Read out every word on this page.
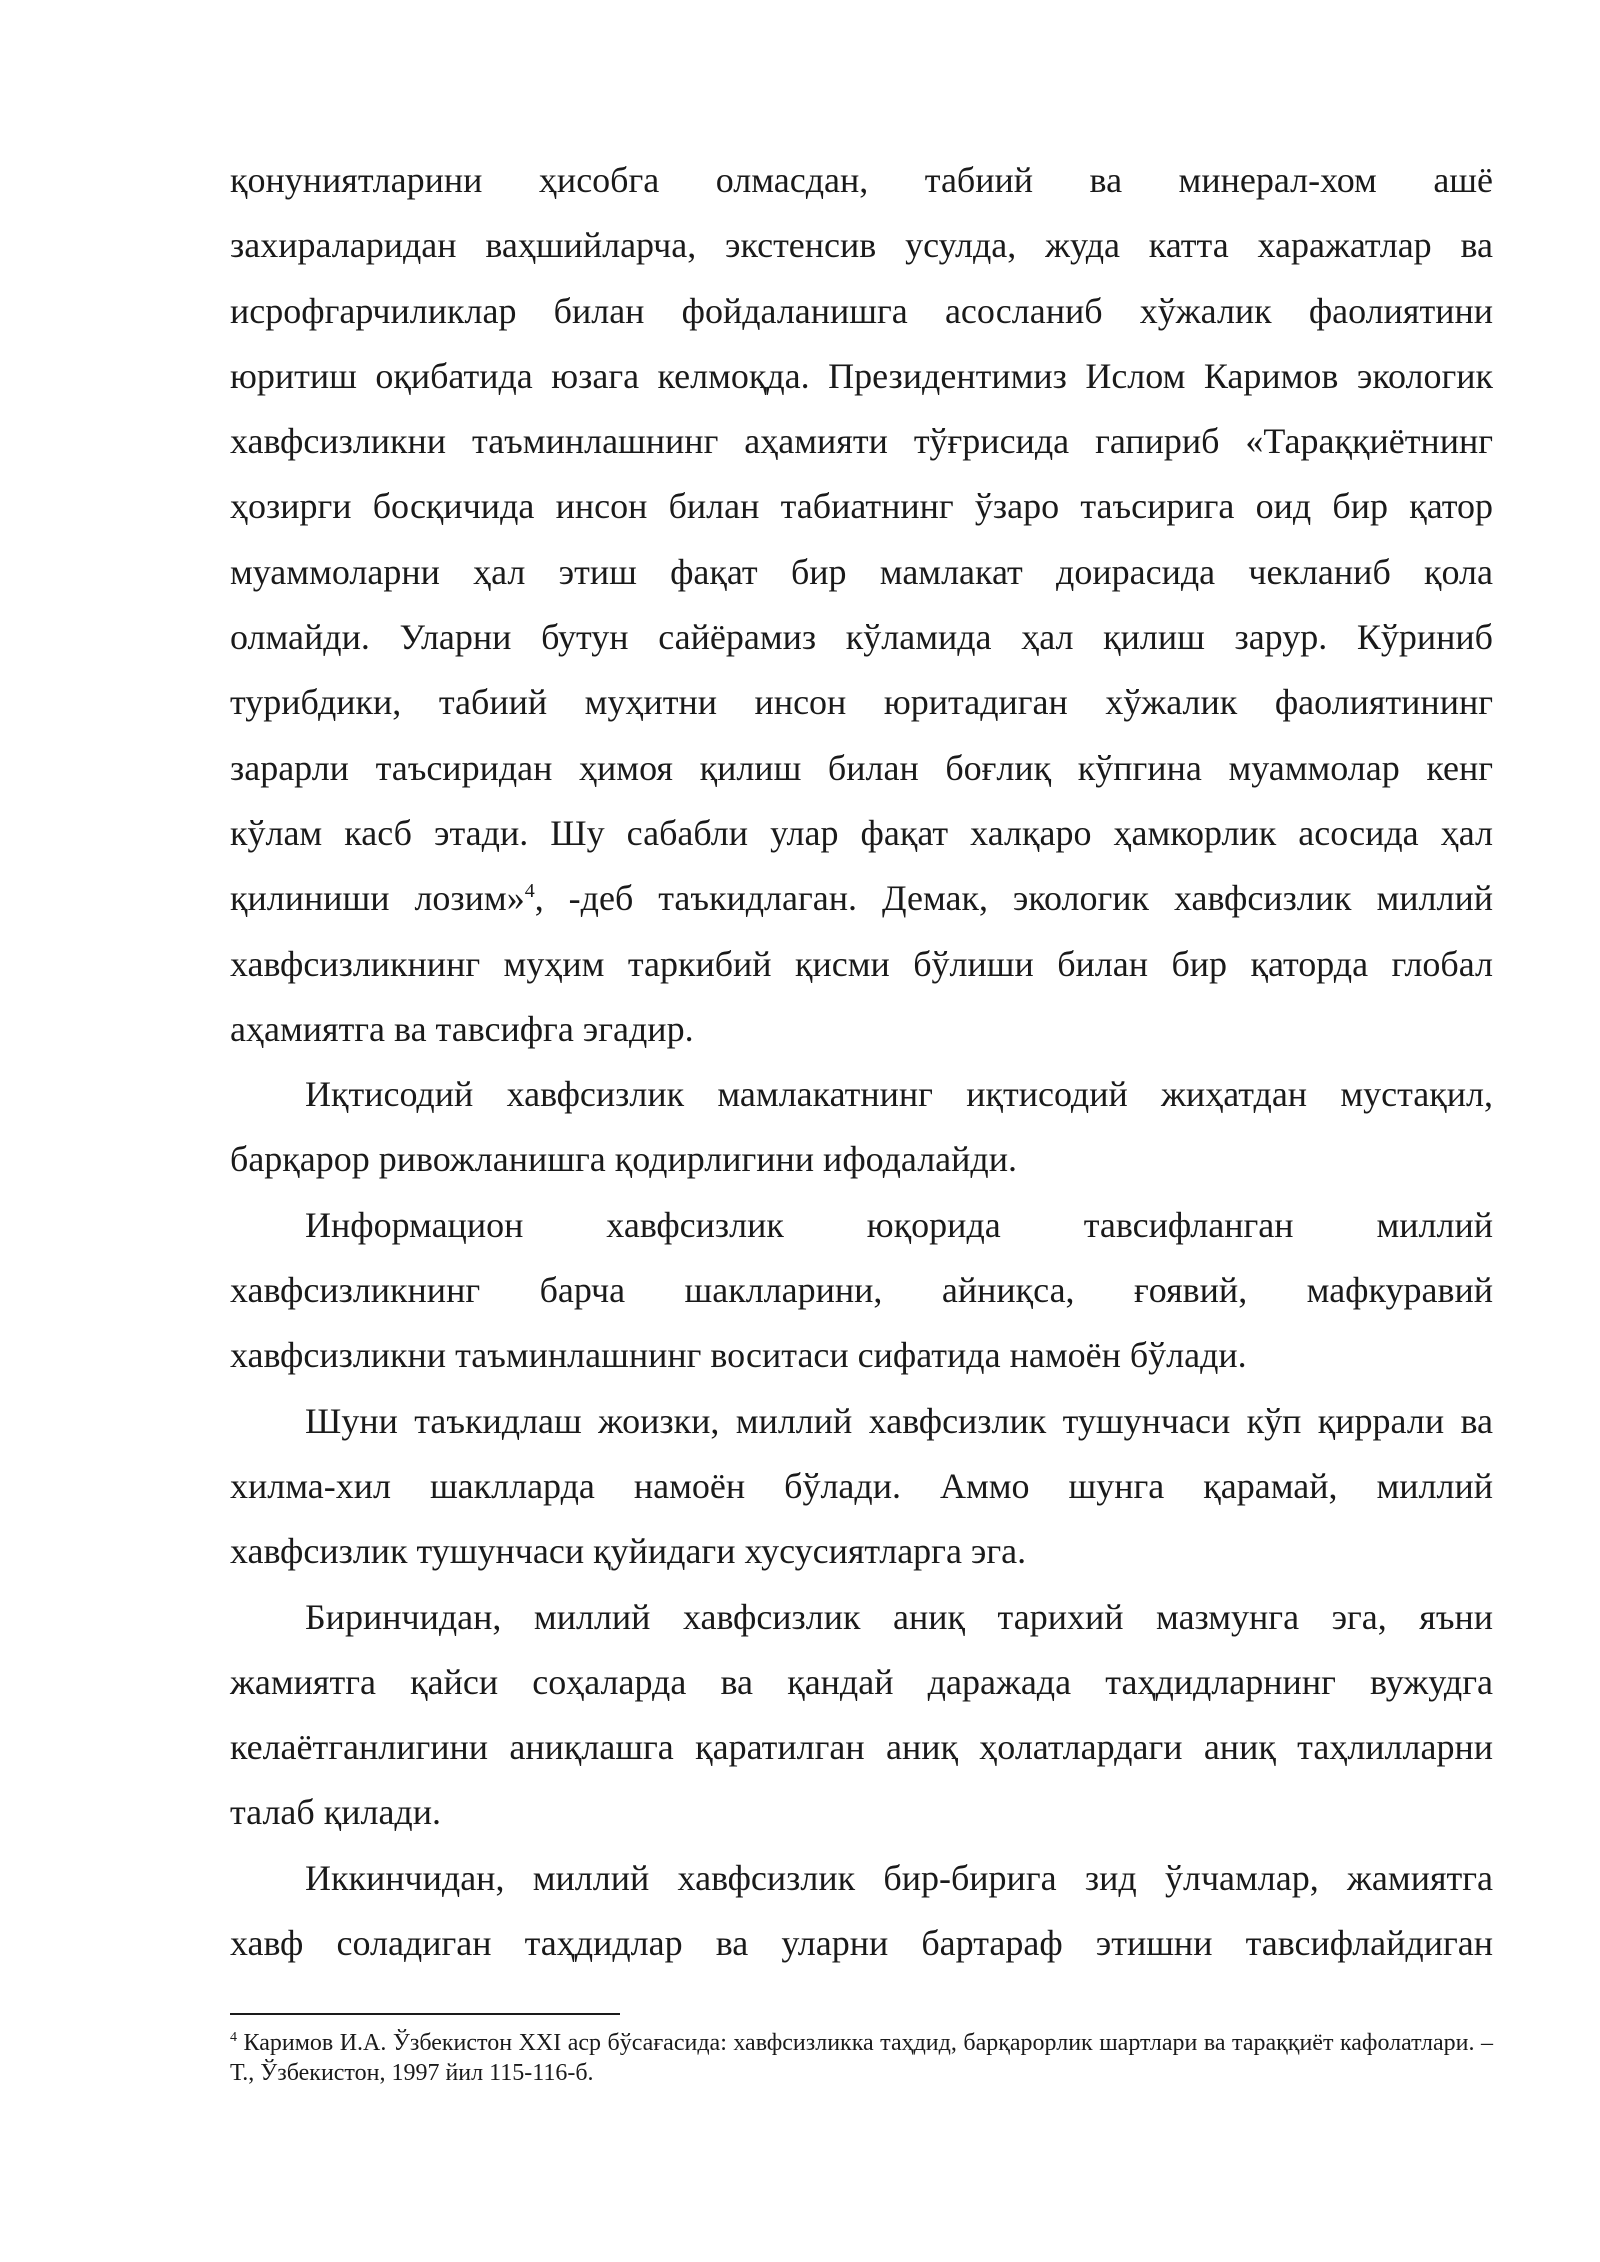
қонуниятларини ҳисобга олмасдан, табиий ва минерал-хом ашё
захираларидан ваҳшийларча, экстенсив усулда, жуда катта харажатлар ва
исрофгарчиликлар билан фойдаланишга асосланиб хўжалик фаолиятини
юритиш оқибатида юзага келмоқда. Президентимиз Ислом Каримов экологик
хавфсизликни таъминлашнинг аҳамияти тўғрисида гапириб «Тараққиётнинг
ҳозирги босқичида инсон билан табиатнинг ўзаро таъсирига оид бир қатор
муаммоларни ҳал этиш фақат бир мамлакат доирасида чекланиб қола
олмайди. Уларни бутун сайёрамиз кўламида ҳал қилиш зарур. Кўриниб
турибдики, табиий муҳитни инсон юритадиган хўжалик фаолиятининг
зарарли таъсиридан ҳимоя қилиш билан боғлиқ кўпгина муаммолар кенг
кўлам касб этади. Шу сабабли улар фақат халқаро ҳамкорлик асосида ҳал
қилиниши лозим»$^4$, -деб таъкидлаган. Демак, экологик хавфсизлик миллий
хавфсизликнинг муҳим таркибий қисми бўлиши билан бир қаторда глобал
аҳамиятга ва тавсифга эгадир.

Иқтисодий хавфсизлик мамлакатнинг иқтисодий жиҳатдан мустақил,
барқарор ривожланишга қодирлигини ифодалайди.

Информацион хавфсизлик юқорида тавсифланган миллий
хавфсизликнинг барча шаклларини, айниқса, ғоявий, мафкуравий
хавфсизликни таъминлашнинг воситаси сифатида намоён бўлади.

Шуни таъкидлаш жоизки, миллий хавфсизлик тушунчаси кўп қиррали ва
хилма-хил шаклларда намоён бўлади. Аммо шунга қарамай, миллий
хавфсизлик тушунчаси қуйидаги хусусиятларга эга.

Биринчидан, миллий хавфсизлик аниқ тарихий мазмунга эга, яъни
жамиятга қайси соҳаларда ва қандай даражада таҳдидларнинг вужудга
келаётганлигини аниқлашга қаратилган аниқ ҳолатлардаги аниқ таҳлилларни
талаб қилади.

Иккинчидан, миллий хавфсизлик бир-бирига зид ўлчамлар, жамиятга
хавф соладиган таҳдидлар ва уларни бартараф этишни тавсифлайдиган

$^4$ Каримов И.А. Ўзбекистон XXI аср бўсағасида: хавфсизликка таҳдид, барқарорлик шартлари ва тараққиёт кафолатлари. – Т., Ўзбекистон, 1997 йил 115-116-б.
